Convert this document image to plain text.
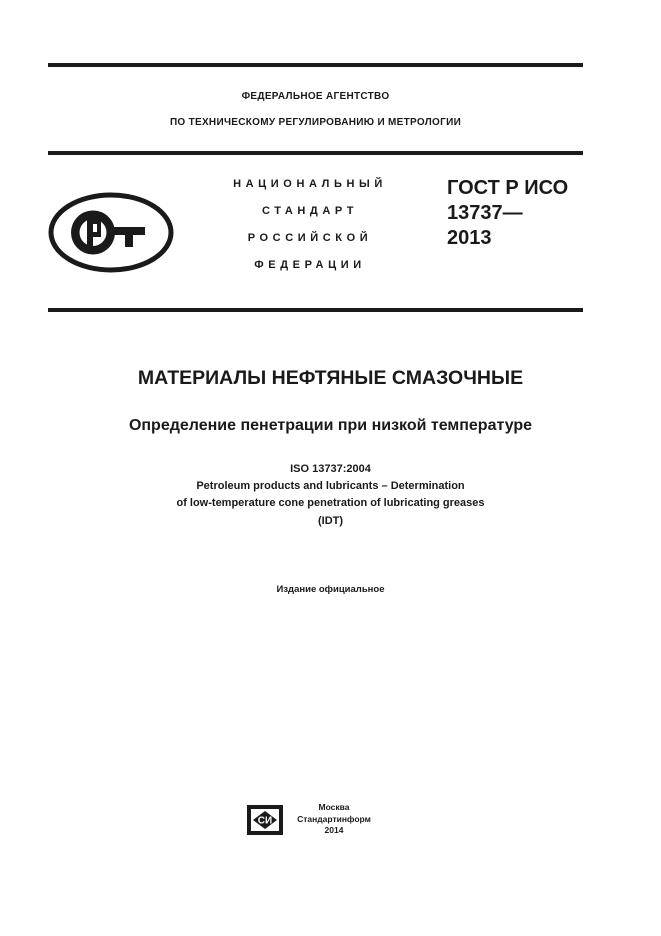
ФЕДЕРАЛЬНОЕ АГЕНТСТВО
ПО ТЕХНИЧЕСКОМУ РЕГУЛИРОВАНИЮ И МЕТРОЛОГИИ
РСТ
НАЦИОНАЛЬНЫЙ
СТАНДАРТ
РОССИЙСКОЙ
ФЕДЕРАЦИИ
ГОСТ Р ИСО
13737—
2013
МАТЕРИАЛЫ НЕФТЯНЫЕ СМАЗОЧНЫЕ
Определение пенетрации при низкой температуре
ISO 13737:2004
Petroleum products and lubricants – Determination
of low-temperature cone penetration of lubricating greases
(IDT)
Издание официальное
СИ
Москва
Стандартинформ
2014
